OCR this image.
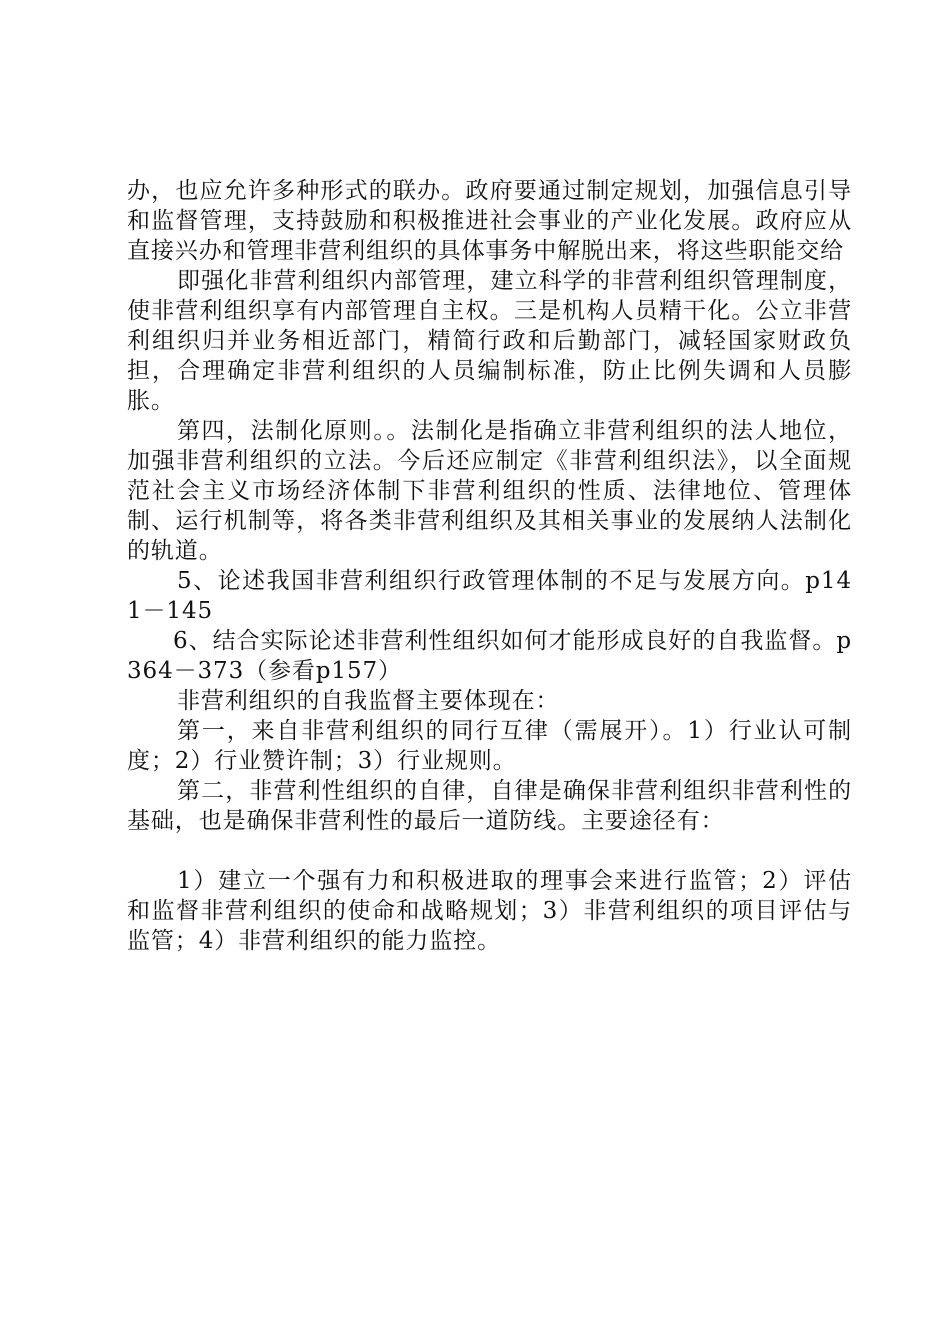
办，也应允许多种形式的联办。政府要通过制定规划，加强信息引导和监督管理，支持鼓励和积极推进社会事业的产业化发展。政府应从直接兴办和管理非营利组织的具体事务中解脱出来，将这些职能交给

即强化非营利组织内部管理，建立科学的非营利组织管理制度，使非营利组织享有内部管理自主权。三是机构人员精干化。公立非营利组织归并业务相近部门，精简行政和后勤部门，减轻国家财政负担，合理确定非营利组织的人员编制标准，防止比例失调和人员膨胀。

第四，法制化原则。。法制化是指确立非营利组织的法人地位，加强非营利组织的立法。今后还应制定《非营利组织法》，以全面规范社会主义市场经济体制下非营利组织的性质、法律地位、管理体制、运行机制等，将各类非营利组织及其相关事业的发展纳人法制化的轨道。

5、论述我国非营利组织行政管理体制的不足与发展方向。p141－145

6、结合实际论述非营利性组织如何才能形成良好的自我监督。p364－373（参看p157）

非营利组织的自我监督主要体现在：

第一，来自非营利组织的同行互律（需展开）。1）行业认可制度；2）行业赞许制；3）行业规则。

第二，非营利性组织的自律，自律是确保非营利组织非营利性的基础，也是确保非营利性的最后一道防线。主要途径有：

1）建立一个强有力和积极进取的理事会来进行监管；2）评估和监督非营利组织的使命和战略规划；3）非营利组织的项目评估与监管；4）非营利组织的能力监控。
